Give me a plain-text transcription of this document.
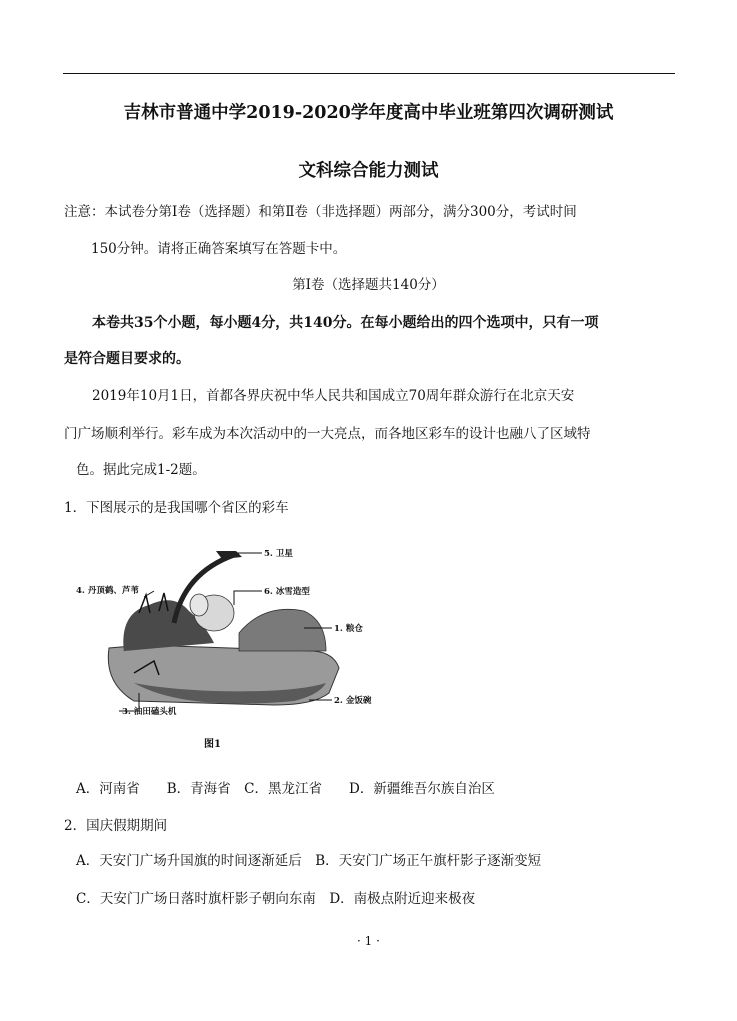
吉林市普通中学2019-2020学年度高中毕业班第四次调研测试
文科综合能力测试
注意：本试卷分第Ⅰ卷（选择题）和第Ⅱ卷（非选择题）两部分，满分300分，考试时间
150分钟。请将正确答案填写在答题卡中。
第Ⅰ卷（选择题共140分）
本卷共35个小题，每小题4分，共140分。在每小题给出的四个选项中，只有一项
是符合题目要求的。
2019年10月1日，首都各界庆祝中华人民共和国成立70周年群众游行在北京天安
门广场顺利举行。彩车成为本次活动中的一大亮点，而各地区彩车的设计也融八了区域特
色。据此完成1-2题。
1．下图展示的是我国哪个省区的彩车
5. 卫星
4. 丹顶鹤、芦苇	6. 冰雪造型
1. 粮仓
2. 金饭碗
3. 油田磕头机
图1
A．河南省　　B．青海省　C．黑龙江省　　D．新疆维吾尔族自治区
2．国庆假期期间
A．天安门广场升国旗的时间逐渐延后　B．天安门广场正午旗杆影子逐渐变短
C．天安门广场日落时旗杆影子朝向东南　D．南极点附近迎来极夜
· 1 ·
